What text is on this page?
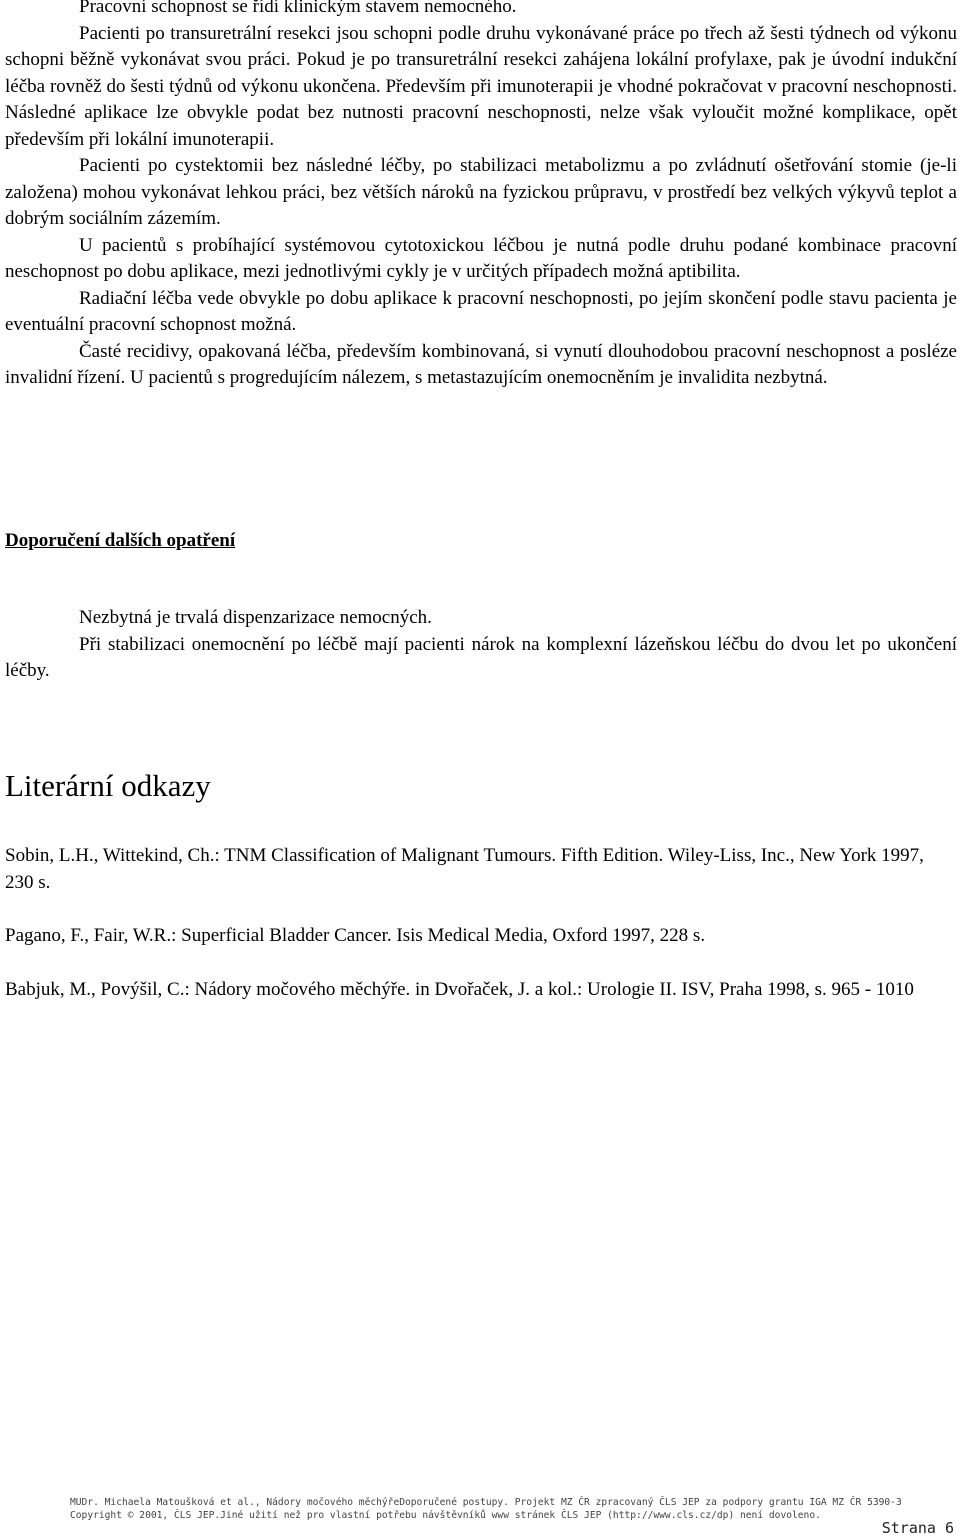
Pracovní schopnost se řídí klinickým stavem nemocného.

Pacienti po transuretrální resekci jsou schopni podle druhu vykonávané práce po třech až šesti týdnech od výkonu schopni běžně vykonávat svou práci. Pokud je po transuretrální resekci zahájena lokální profylaxe, pak je úvodní indukční léčba rovněž do šesti týdnů od výkonu ukončena. Především při imunoterapii je vhodné pokračovat v pracovní neschopnosti. Následné aplikace lze obvykle podat bez nutnosti pracovní neschopnosti, nelze však vyloučit možné komplikace, opět především při lokální imunoterapii.

Pacienti po cystektomii bez následné léčby, po stabilizaci metabolizmu a po zvládnutí ošetřování stomie (je-li založena) mohou vykonávat lehkou práci, bez větších nároků na fyzickou průpravu, v prostředí bez velkých výkyvů teplot a dobrým sociálním zázemím.

U pacientů s probíhající systémovou cytotoxickou léčbou je nutná podle druhu podané kombinace pracovní neschopnost po dobu aplikace, mezi jednotlivými cykly je v určitých případech možná aptibilita.

Radiační léčba vede obvykle po dobu aplikace k pracovní neschopnosti, po jejím skončení podle stavu pacienta je eventuální pracovní schopnost možná.

Časté recidivy, opakovaná léčba, především kombinovaná, si vynutí dlouhodobou pracovní neschopnost a posléze invalidní řízení. U pacientů s progredujícím nálezem, s metastazujícím onemocněním je invalidita nezbytná.

Doporučení dalších opatření

Nezbytná je trvalá dispenzarizace nemocných.

Při stabilizaci onemocnění po léčbě mají pacienti nárok na komplexní lázeňskou léčbu do dvou let po ukončení léčby.

Literární odkazy

Sobin, L.H., Wittekind, Ch.: TNM Classification of Malignant Tumours. Fifth Edition. Wiley-Liss, Inc., New York 1997, 230 s.

Pagano, F., Fair, W.R.: Superficial Bladder Cancer. Isis Medical Media, Oxford 1997, 228 s.

Babjuk, M., Povýšil, C.: Nádory močového měchýře. in Dvořaček, J. a kol.: Urologie II. ISV, Praha 1998, s. 965 - 1010

MUDr. Michaela Matoušková et al., Nádory močového měchýřeDoporučené postupy. Projekt MZ ČR zpracovaný ČLS JEP za podpory grantu IGA MZ ČR 5390-3
Copyright © 2001, ČLS JEP.Jiné užití než pro vlastní potřebu návštěvníků www stránek ČLS JEP (http://www.cls.cz/dp) není dovoleno.
Strana 6
